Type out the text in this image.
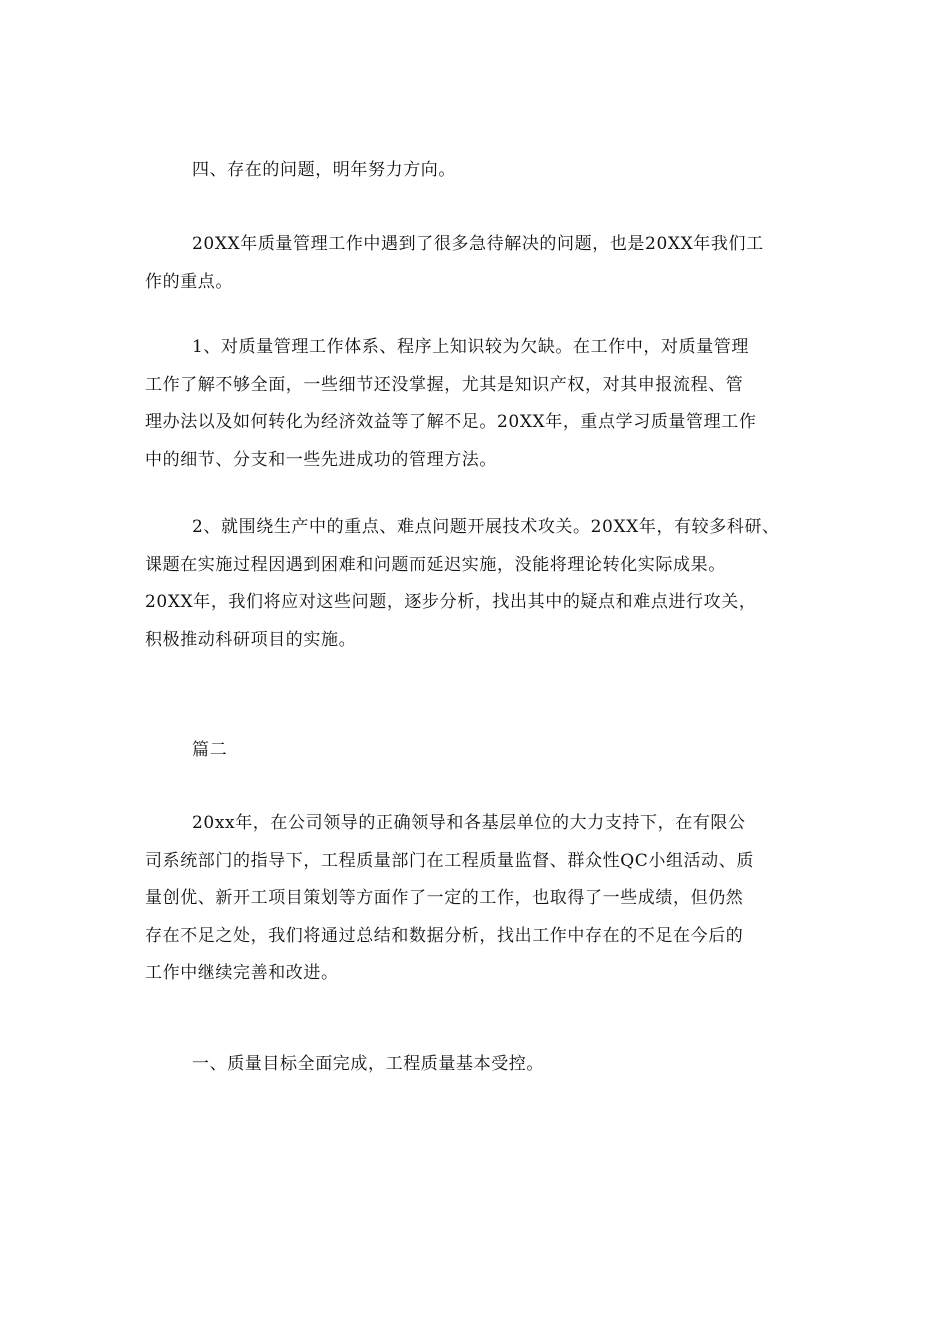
四、存在的问题，明年努力方向。

20XX年质量管理工作中遇到了很多急待解决的问题，也是20XX年我们工
作的重点。

1、对质量管理工作体系、程序上知识较为欠缺。在工作中，对质量管理
工作了解不够全面，一些细节还没掌握，尤其是知识产权，对其申报流程、管
理办法以及如何转化为经济效益等了解不足。20XX年，重点学习质量管理工作
中的细节、分支和一些先进成功的管理方法。

2、就围绕生产中的重点、难点问题开展技术攻关。20XX年，有较多科研、
课题在实施过程因遇到困难和问题而延迟实施，没能将理论转化实际成果。
20XX年，我们将应对这些问题，逐步分析，找出其中的疑点和难点进行攻关，
积极推动科研项目的实施。

篇二

20xx年，在公司领导的正确领导和各基层单位的大力支持下，在有限公
司系统部门的指导下，工程质量部门在工程质量监督、群众性QC小组活动、质
量创优、新开工项目策划等方面作了一定的工作，也取得了一些成绩，但仍然
存在不足之处，我们将通过总结和数据分析，找出工作中存在的不足在今后的
工作中继续完善和改进。

一、质量目标全面完成，工程质量基本受控。
